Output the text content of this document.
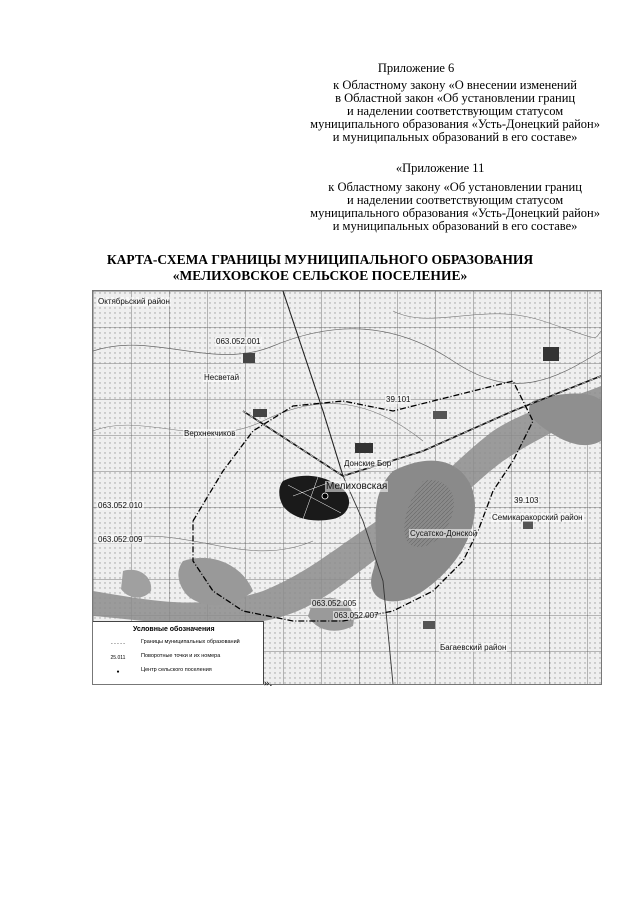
Приложение 6
к Областному закону «О внесении изменений
в Областной закон «Об установлении границ
и наделении соответствующим статусом
муниципального образования «Усть-Донецкий район»
и муниципальных образований в его составе»
«Приложение 11
к Областному закону «Об установлении границ
и наделении соответствующим статусом
муниципального образования «Усть-Донецкий район»
и муниципальных образований в его составе»
КАРТА-СХЕМА ГРАНИЦЫ МУНИЦИПАЛЬНОГО ОБРАЗОВАНИЯ
«МЕЛИХОВСКОЕ СЕЛЬСКОЕ ПОСЕЛЕНИЕ»
Октябрьский район
Несветай
Верхнекчиков
Донские Бор
Мелиховская
Семикаракорский район
Багаевский район
Сусатско-Донской
063.052.001
063.052.007
063.052.005
39.103
063.052.010
063.052.009
39.101
Условные обозначения
- - - - -	Границы муниципальных образований
25.011	Поворотные точки и их номера
●	Центр сельского поселения
».
